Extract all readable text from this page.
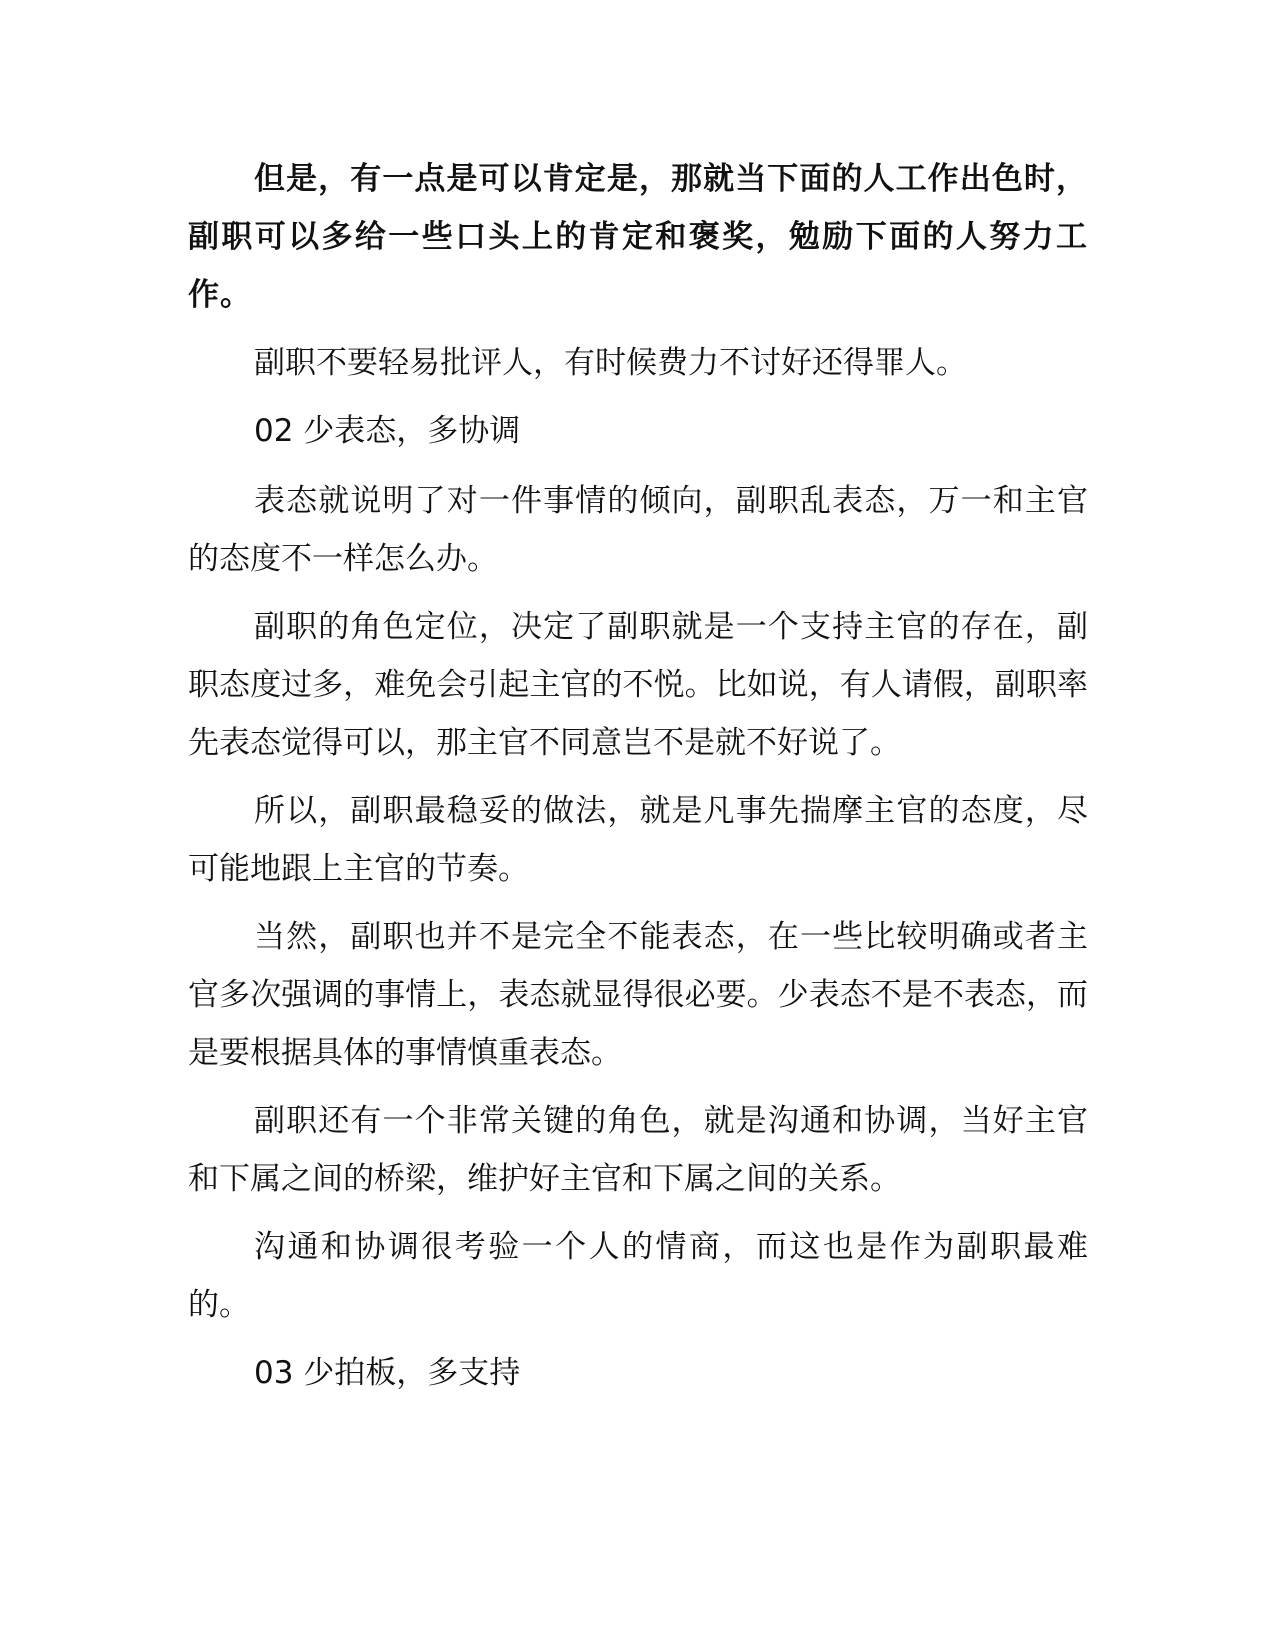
但是，有一点是可以肯定是，那就当下面的人工作出色时，副职可以多给一些口头上的肯定和褒奖，勉励下面的人努力工作。

副职不要轻易批评人，有时候费力不讨好还得罪人。

02 少表态，多协调

表态就说明了对一件事情的倾向，副职乱表态，万一和主官的态度不一样怎么办。

副职的角色定位，决定了副职就是一个支持主官的存在，副职态度过多，难免会引起主官的不悦。比如说，有人请假，副职率先表态觉得可以，那主官不同意岂不是就不好说了。

所以，副职最稳妥的做法，就是凡事先揣摩主官的态度，尽可能地跟上主官的节奏。

当然，副职也并不是完全不能表态，在一些比较明确或者主官多次强调的事情上，表态就显得很必要。少表态不是不表态，而是要根据具体的事情慎重表态。

副职还有一个非常关键的角色，就是沟通和协调，当好主官和下属之间的桥梁，维护好主官和下属之间的关系。

沟通和协调很考验一个人的情商，而这也是作为副职最难的。

03 少拍板，多支持
